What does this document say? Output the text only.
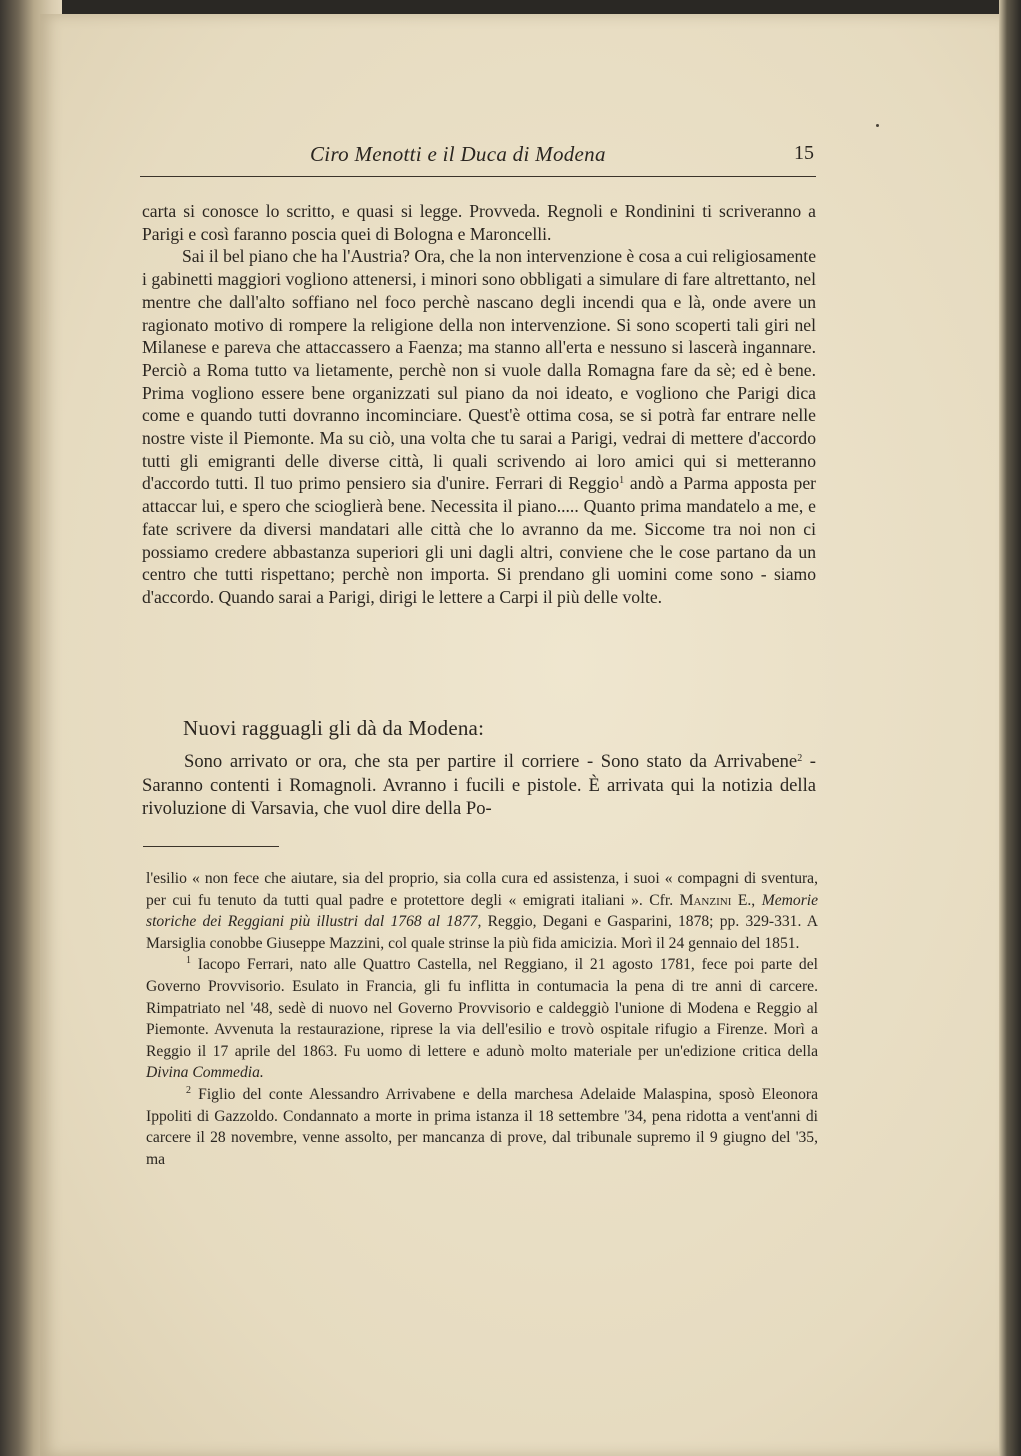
Ciro Menotti e il Duca di Modena	15

carta si conosce lo scritto, e quasi si legge. Provveda. Regnoli e Rondinini ti scriveranno a Parigi e così faranno poscia quei di Bologna e Maroncelli.

Sai il bel piano che ha l'Austria? Ora, che la non intervenzione è cosa a cui religiosamente i gabinetti maggiori vogliono attenersi, i minori sono obbligati a simulare di fare altrettanto, nel mentre che dall'alto soffiano nel foco perchè nascano degli incendi qua e là, onde avere un ragionato motivo di rompere la religione della non intervenzione. Si sono scoperti tali giri nel Milanese e pareva che attaccassero a Faenza; ma stanno all'erta e nessuno si lascerà ingannare. Perciò a Roma tutto va lietamente, perchè non si vuole dalla Romagna fare da sè; ed è bene. Prima vogliono essere bene organizzati sul piano da noi ideato, e vogliono che Parigi dica come e quando tutti dovranno incominciare. Quest'è ottima cosa, se si potrà far entrare nelle nostre viste il Piemonte. Ma su ciò, una volta che tu sarai a Parigi, vedrai di mettere d'accordo tutti gli emigranti delle diverse città, li quali scrivendo ai loro amici qui si metteranno d'accordo tutti. Il tuo primo pensiero sia d'unire. Ferrari di Reggio$^1$ andò a Parma apposta per attaccar lui, e spero che scioglierà bene. Necessita il piano..... Quanto prima mandatelo a me, e fate scrivere da diversi mandatari alle città che lo avranno da me. Siccome tra noi non ci possiamo credere abbastanza superiori gli uni dagli altri, conviene che le cose partano da un centro che tutti rispettano; perchè non importa. Si prendano gli uomini come sono - siamo d'accordo. Quando sarai a Parigi, dirigi le lettere a Carpi il più delle volte.

Nuovi ragguagli gli dà da Modena:

Sono arrivato or ora, che sta per partire il corriere - Sono stato da Arrivabene$^2$ - Saranno contenti i Romagnoli. Avranno i fucili e pistole. È arrivata qui la notizia della rivoluzione di Varsavia, che vuol dire della Po-

l'esilio « non fece che aiutare, sia del proprio, sia colla cura ed assistenza, i suoi « compagni di sventura, per cui fu tenuto da tutti qual padre e protettore degli « emigrati italiani ». Cfr. Manzini E., Memorie storiche dei Reggiani più illustri dal 1768 al 1877, Reggio, Degani e Gasparini, 1878; pp. 329-331. A Marsiglia conobbe Giuseppe Mazzini, col quale strinse la più fida amicizia. Morì il 24 gennaio del 1851.

$^1$ Iacopo Ferrari, nato alle Quattro Castella, nel Reggiano, il 21 agosto 1781, fece poi parte del Governo Provvisorio. Esulato in Francia, gli fu inflitta in contumacia la pena di tre anni di carcere. Rimpatriato nel '48, sedè di nuovo nel Governo Provvisorio e caldeggiò l'unione di Modena e Reggio al Piemonte. Avvenuta la restaurazione, riprese la via dell'esilio e trovò ospitale rifugio a Firenze. Morì a Reggio il 17 aprile del 1863. Fu uomo di lettere e adunò molto materiale per un'edizione critica della Divina Commedia.

$^2$ Figlio del conte Alessandro Arrivabene e della marchesa Adelaide Malaspina, sposò Eleonora Ippoliti di Gazzoldo. Condannato a morte in prima istanza il 18 settembre '34, pena ridotta a vent'anni di carcere il 28 novembre, venne assolto, per mancanza di prove, dal tribunale supremo il 9 giugno del '35, ma
